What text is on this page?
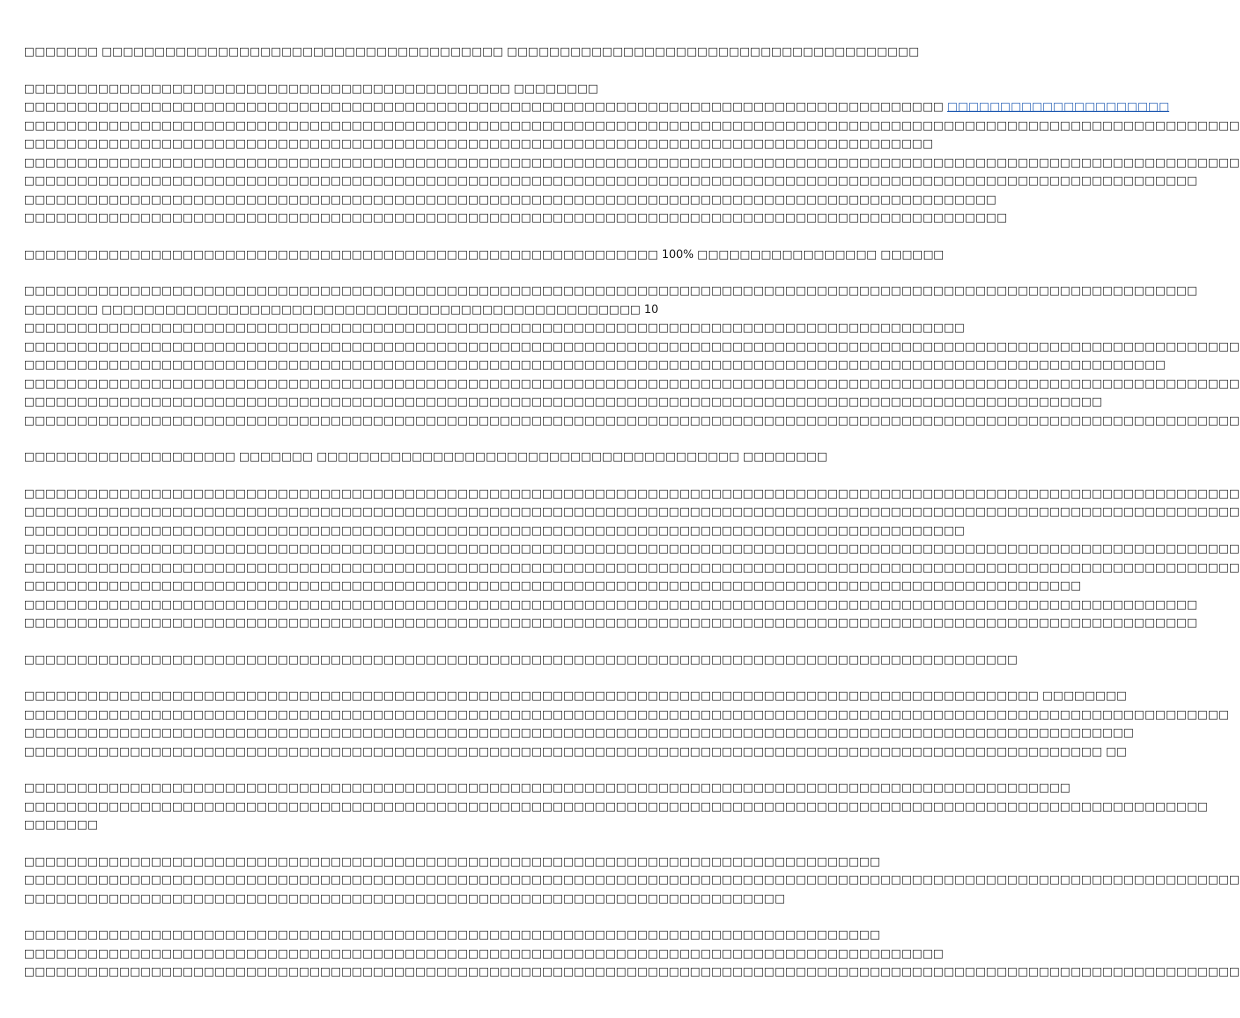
□□□□□□□ □□□□□□□□□□□□□□□□□□□□□□□□□□□□□□□□□□□□□□ □□□□□□□□□□□□□□□□□□□□□□□□□□□□□□□□□□□□□□□
□□□□□□□□□□□□□□□□□□□□□□□□□□□□□□□□□□□□□□□□□□□□□□ □□□□□□□□
□□□□□□□□□□□□□□□□□□□□□□□□□□□□□□□□□□□□□□□□□□□□□□□□□□□□□□□□□□□□□□□□□□□□□□□□□□□□□□□□□□□□□□□ □□□□□□□□□□□□□□□□□□□□□
□□□□□□□□□□□□□□□□□□□□□□□□□□□□□□□□□□□□□□□□□□□□□□□□□□□□□□□□□□□□□□□□□□□□□□□□□□□□□□□□□□□□□□□□□□□□□□□□□□□□□□□□□□□□□□□□□□□
□□□□□□□□□□□□□□□□□□□□□□□□□□□□□□□□□□□□□□□□□□□□□□□□□□□□□□□□□□□□□□□□□□□□□□□□□□□□□□□□□□□□□□
□□□□□□□□□□□□□□□□□□□□□□□□□□□□□□□□□□□□□□□□□□□□□□□□□□□□□□□□□□□□□□□□□□□□□□□□□□□□□□□□□□□□□□□□□□□□□□□□□□□□□□□□□□□□□□□□□□□
□□□□□□□□□□□□□□□□□□□□□□□□□□□□□□□□□□□□□□□□□□□□□□□□□□□□□□□□□□□□□□□□□□□□□□□□□□□□□□□□□□□□□□□□□□□□□□□□□□□□□□□□□□□□□□□
□□□□□□□□□□□□□□□□□□□□□□□□□□□□□□□□□□□□□□□□□□□□□□□□□□□□□□□□□□□□□□□□□□□□□□□□□□□□□□□□□□□□□□□□□□□□
□□□□□□□□□□□□□□□□□□□□□□□□□□□□□□□□□□□□□□□□□□□□□□□□□□□□□□□□□□□□□□□□□□□□□□□□□□□□□□□□□□□□□□□□□□□□□
□□□□□□□□□□□□□□□□□□□□□□□□□□□□□□□□□□□□□□□□□□□□□□□□□□□□□□□□□□□□ 100% □□□□□□□□□□□□□□□□□ □□□□□□
□□□□□□□□□□□□□□□□□□□□□□□□□□□□□□□□□□□□□□□□□□□□□□□□□□□□□□□□□□□□□□□□□□□□□□□□□□□□□□□□□□□□□□□□□□□□□□□□□□□□□□□□□□□□□□□
□□□□□□□ □□□□□□□□□□□□□□□□□□□□□□□□□□□□□□□□□□□□□□□□□□□□□□□□□□□ 10
□□□□□□□□□□□□□□□□□□□□□□□□□□□□□□□□□□□□□□□□□□□□□□□□□□□□□□□□□□□□□□□□□□□□□□□□□□□□□□□□□□□□□□□□□
□□□□□□□□□□□□□□□□□□□□□□□□□□□□□□□□□□□□□□□□□□□□□□□□□□□□□□□□□□□□□□□□□□□□□□□□□□□□□□□□□□□□□□□□□□□□□□□□□□□□□□□□□□□□□□□□□□□
□□□□□□□□□□□□□□□□□□□□□□□□□□□□□□□□□□□□□□□□□□□□□□□□□□□□□□□□□□□□□□□□□□□□□□□□□□□□□□□□□□□□□□□□□□□□□□□□□□□□□□□□□□□□
□□□□□□□□□□□□□□□□□□□□□□□□□□□□□□□□□□□□□□□□□□□□□□□□□□□□□□□□□□□□□□□□□□□□□□□□□□□□□□□□□□□□□□□□□□□□□□□□□□□□□□□□□□□□□□□□□□□
□□□□□□□□□□□□□□□□□□□□□□□□□□□□□□□□□□□□□□□□□□□□□□□□□□□□□□□□□□□□□□□□□□□□□□□□□□□□□□□□□□□□□□□□□□□□□□□□□□□□□□
□□□□□□□□□□□□□□□□□□□□□□□□□□□□□□□□□□□□□□□□□□□□□□□□□□□□□□□□□□□□□□□□□□□□□□□□□□□□□□□□□□□□□□□□□□□□□□□□□□□□□□□□□□□□□□□□□□□
□□□□□□□□□□□□□□□□□□□□ □□□□□□□ □□□□□□□□□□□□□□□□□□□□□□□□□□□□□□□□□□□□□□□□ □□□□□□□□
□□□□□□□□□□□□□□□□□□□□□□□□□□□□□□□□□□□□□□□□□□□□□□□□□□□□□□□□□□□□□□□□□□□□□□□□□□□□□□□□□□□□□□□□□□□□□□□□□□□□□□□□□□□□□□□□□□□
□□□□□□□□□□□□□□□□□□□□□□□□□□□□□□□□□□□□□□□□□□□□□□□□□□□□□□□□□□□□□□□□□□□□□□□□□□□□□□□□□□□□□□□□□□□□□□□□□□□□□□□□□□□□□□□□□□□
□□□□□□□□□□□□□□□□□□□□□□□□□□□□□□□□□□□□□□□□□□□□□□□□□□□□□□□□□□□□□□□□□□□□□□□□□□□□□□□□□□□□□□□□□
□□□□□□□□□□□□□□□□□□□□□□□□□□□□□□□□□□□□□□□□□□□□□□□□□□□□□□□□□□□□□□□□□□□□□□□□□□□□□□□□□□□□□□□□□□□□□□□□□□□□□□□□□□□□□□□□□□□
□□□□□□□□□□□□□□□□□□□□□□□□□□□□□□□□□□□□□□□□□□□□□□□□□□□□□□□□□□□□□□□□□□□□□□□□□□□□□□□□□□□□□□□□□□□□□□□□□□□□□□□□□□□□□□□□□□□
□□□□□□□□□□□□□□□□□□□□□□□□□□□□□□□□□□□□□□□□□□□□□□□□□□□□□□□□□□□□□□□□□□□□□□□□□□□□□□□□□□□□□□□□□□□□□□□□□□□□
□□□□□□□□□□□□□□□□□□□□□□□□□□□□□□□□□□□□□□□□□□□□□□□□□□□□□□□□□□□□□□□□□□□□□□□□□□□□□□□□□□□□□□□□□□□□□□□□□□□□□□□□□□□□□□□
□□□□□□□□□□□□□□□□□□□□□□□□□□□□□□□□□□□□□□□□□□□□□□□□□□□□□□□□□□□□□□□□□□□□□□□□□□□□□□□□□□□□□□□□□□□□□□□□□□□□□□□□□□□□□□□
□□□□□□□□□□□□□□□□□□□□□□□□□□□□□□□□□□□□□□□□□□□□□□□□□□□□□□□□□□□□□□□□□□□□□□□□□□□□□□□□□□□□□□□□□□□□□□
□□□□□□□□□□□□□□□□□□□□□□□□□□□□□□□□□□□□□□□□□□□□□□□□□□□□□□□□□□□□□□□□□□□□□□□□□□□□□□□□□□□□□□□□□□□□□□□□ □□□□□□□□
□□□□□□□□□□□□□□□□□□□□□□□□□□□□□□□□□□□□□□□□□□□□□□□□□□□□□□□□□□□□□□□□□□□□□□□□□□□□□□□□□□□□□□□□□□□□□□□□□□□□□□□□□□□□□□□□□□
□□□□□□□□□□□□□□□□□□□□□□□□□□□□□□□□□□□□□□□□□□□□□□□□□□□□□□□□□□□□□□□□□□□□□□□□□□□□□□□□□□□□□□□□□□□□□□□□□□□□□□□□□
□□□□□□□□□□□□□□□□□□□□□□□□□□□□□□□□□□□□□□□□□□□□□□□□□□□□□□□□□□□□□□□□□□□□□□□□□□□□□□□□□□□□□□□□□□□□□□□□□□□□□□ □□
□□□□□□□□□□□□□□□□□□□□□□□□□□□□□□□□□□□□□□□□□□□□□□□□□□□□□□□□□□□□□□□□□□□□□□□□□□□□□□□□□□□□□□□□□□□□□□□□□□□
□□□□□□□□□□□□□□□□□□□□□□□□□□□□□□□□□□□□□□□□□□□□□□□□□□□□□□□□□□□□□□□□□□□□□□□□□□□□□□□□□□□□□□□□□□□□□□□□□□□□□□□□□□□□□□□□
□□□□□□□
□□□□□□□□□□□□□□□□□□□□□□□□□□□□□□□□□□□□□□□□□□□□□□□□□□□□□□□□□□□□□□□□□□□□□□□□□□□□□□□□□
□□□□□□□□□□□□□□□□□□□□□□□□□□□□□□□□□□□□□□□□□□□□□□□□□□□□□□□□□□□□□□□□□□□□□□□□□□□□□□□□□□□□□□□□□□□□□□□□□□□□□□□□□□□□□□□□□□□
□□□□□□□□□□□□□□□□□□□□□□□□□□□□□□□□□□□□□□□□□□□□□□□□□□□□□□□□□□□□□□□□□□□□□□□□
□□□□□□□□□□□□□□□□□□□□□□□□□□□□□□□□□□□□□□□□□□□□□□□□□□□□□□□□□□□□□□□□□□□□□□□□□□□□□□□□□
□□□□□□□□□□□□□□□□□□□□□□□□□□□□□□□□□□□□□□□□□□□□□□□□□□□□□□□□□□□□□□□□□□□□□□□□□□□□□□□□□□□□□□□
□□□□□□□□□□□□□□□□□□□□□□□□□□□□□□□□□□□□□□□□□□□□□□□□□□□□□□□□□□□□□□□□□□□□□□□□□□□□□□□□□□□□□□□□□□□□□□□□□□□□□□□□□□□□□□□□□□□
